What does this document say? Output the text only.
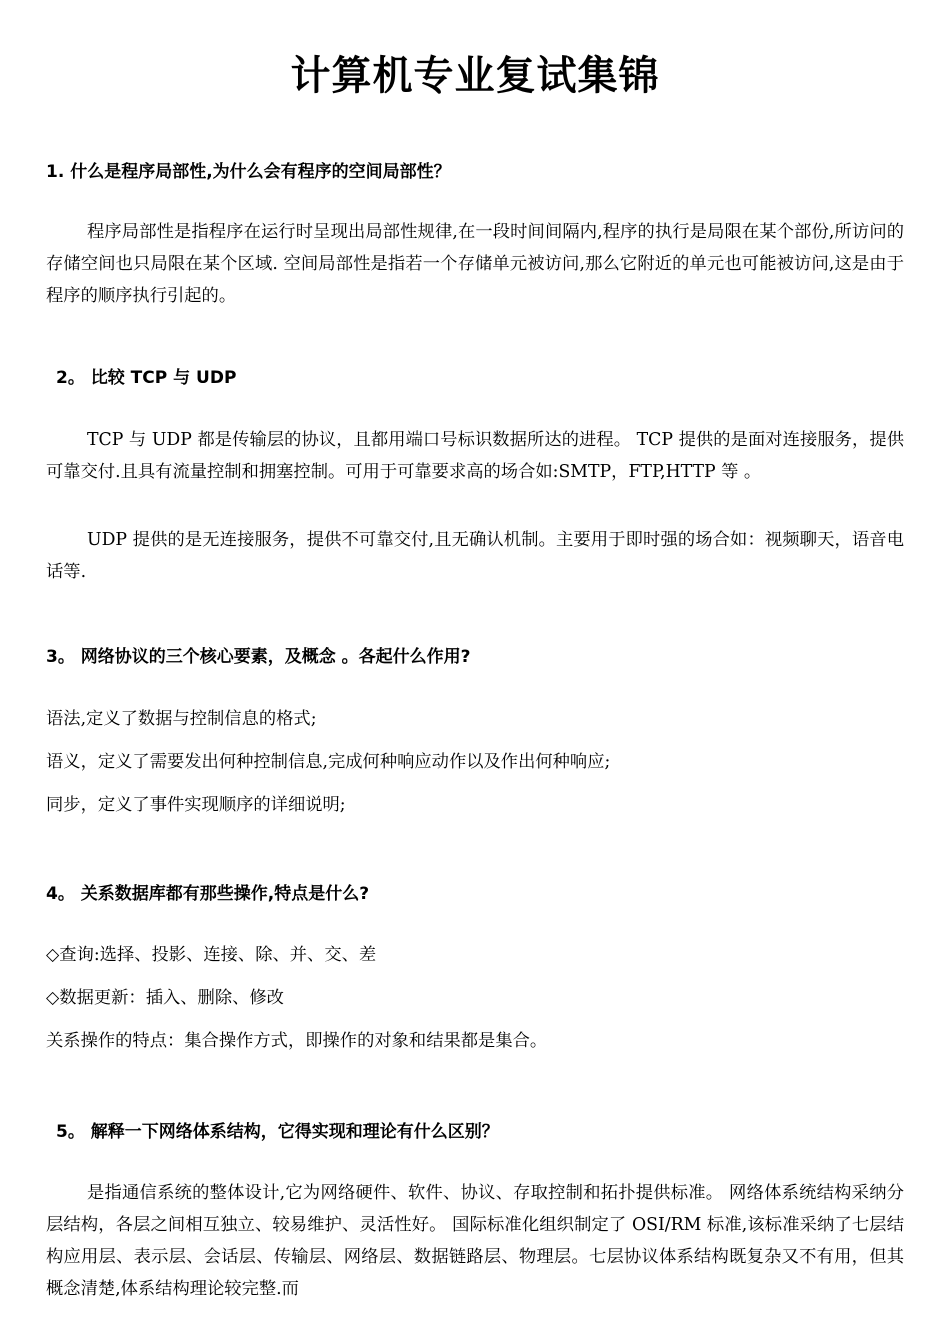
计算机专业复试集锦
1. 什么是程序局部性,为什么会有程序的空间局部性？
程序局部性是指程序在运行时呈现出局部性规律,在一段时间间隔内,程序的执行是局限在某个部份,所访问的存储空间也只局限在某个区域. 空间局部性是指若一个存储单元被访问,那么它附近的单元也可能被访问,这是由于程序的顺序执行引起的。
2。 比较 TCP 与 UDP
TCP 与 UDP 都是传输层的协议，且都用端口号标识数据所达的进程。 TCP 提供的是面对连接服务，提供可靠交付.且具有流量控制和拥塞控制。可用于可靠要求高的场合如:SMTP，FTP,HTTP 等 。
UDP 提供的是无连接服务，提供不可靠交付,且无确认机制。主要用于即时强的场合如：视频聊天，语音电话等.
3。 网络协议的三个核心要素，及概念 。各起什么作用?
语法,定义了数据与控制信息的格式;
语义，定义了需要发出何种控制信息,完成何种响应动作以及作出何种响应;
同步，定义了事件实现顺序的详细说明;
4。 关系数据库都有那些操作,特点是什么?
◇查询:选择、投影、连接、除、并、交、差
◇数据更新：插入、删除、修改
关系操作的特点：集合操作方式，即操作的对象和结果都是集合。
5。 解释一下网络体系结构，它得实现和理论有什么区别？
是指通信系统的整体设计,它为网络硬件、软件、协议、存取控制和拓扑提供标准。 网络体系统结构采纳分层结构，各层之间相互独立、较易维护、灵活性好。 国际标准化组织制定了 OSI/RM 标准,该标准采纳了七层结构应用层、表示层、会话层、传输层、网络层、数据链路层、物理层。七层协议体系结构既复杂又不有用，但其概念清楚,体系结构理论较完整.而
